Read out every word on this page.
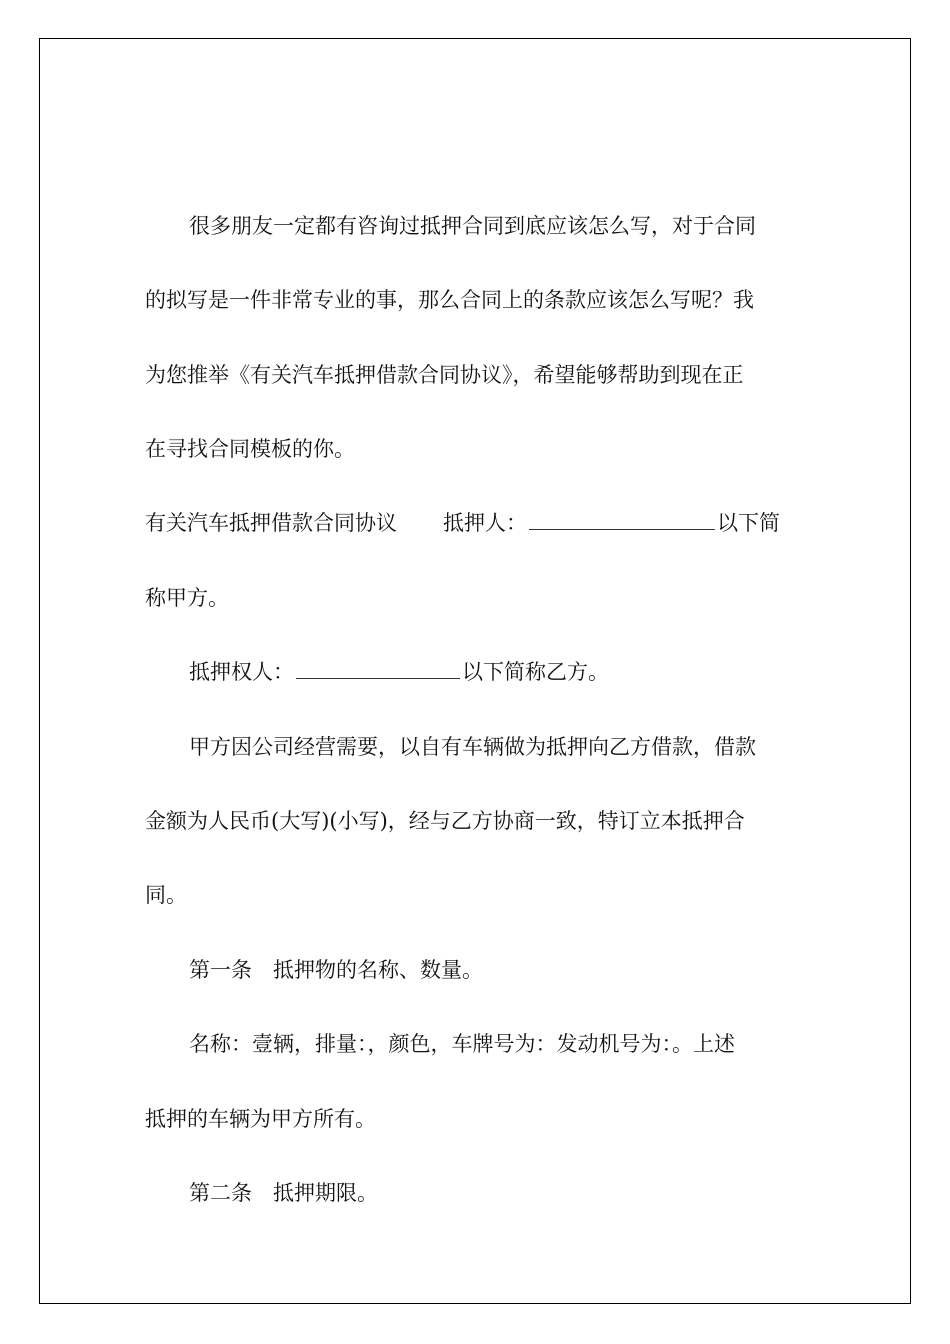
很多朋友一定都有咨询过抵押合同到底应该怎么写，对于合同
的拟写是一件非常专业的事，那么合同上的条款应该怎么写呢？我
为您推举《有关汽车抵押借款合同协议》，希望能够帮助到现在正
在寻找合同模板的你。
有关汽车抵押借款合同协议 抵押人：	以下简
称甲方。
抵押权人：	以下简称乙方。
甲方因公司经营需要，以自有车辆做为抵押向乙方借款，借款
金额为人民币(大写)(小写)，经与乙方协商一致，特订立本抵押合
同。
第一条　抵押物的名称、数量。
名称：壹辆，排量：，颜色，车牌号为：发动机号为：。上述
抵押的车辆为甲方所有。
第二条　抵押期限。
